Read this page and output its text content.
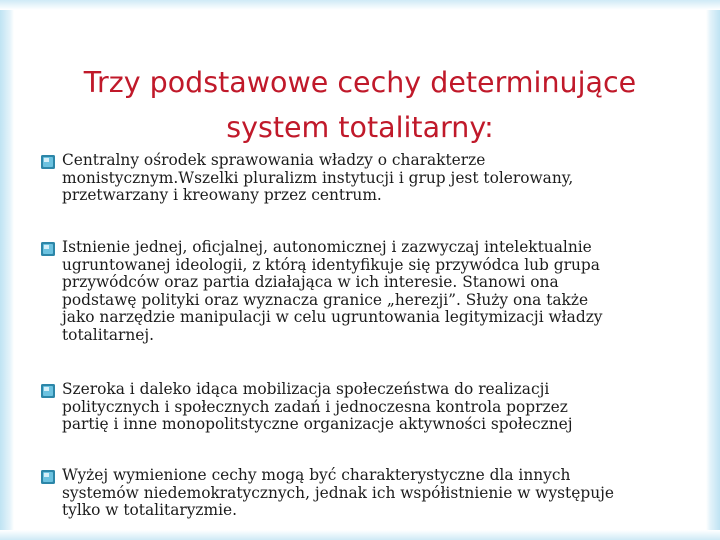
Trzy podstawowe cechy determinujące
system totalitarny:
Centralny ośrodek sprawowania władzy o charakterze
monistycznym.Wszelki pluralizm instytucji i grup jest tolerowany,
przetwarzany i kreowany przez centrum.
Istnienie jednej, oficjalnej, autonomicznej i zazwyczaj intelektualnie
ugruntowanej ideologii, z którą identyfikuje się przywódca lub grupa
przywódców oraz partia działająca w ich interesie. Stanowi ona
podstawę polityki oraz wyznacza granice „herezji”. Służy ona także
jako narzędzie manipulacji w celu ugruntowania legitymizacji władzy
totalitarnej.
Szeroka i daleko idąca mobilizacja społeczeństwa do realizacji
politycznych i społecznych zadań i jednoczesna kontrola poprzez
partię i inne monopolitstyczne organizacje aktywności społecznej
Wyżej wymienione cechy mogą być charakterystyczne dla innych
systemów niedemokratycznych, jednak ich współistnienie w występuje
tylko w totalitaryzmie.
